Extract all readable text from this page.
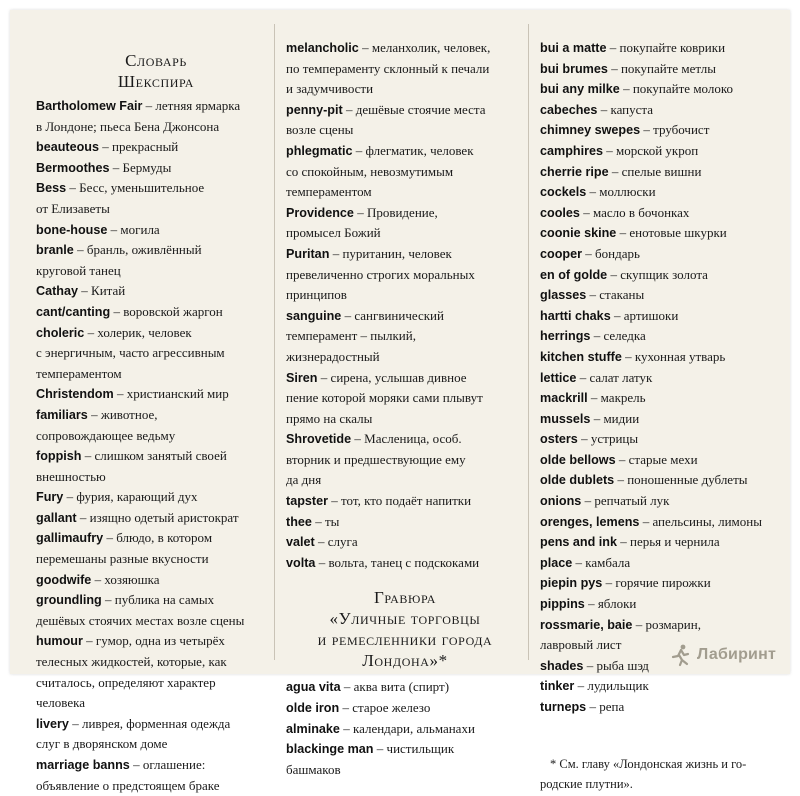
Словарь
Шекспира
Bartholomew Fair – летняя ярмарка
в Лондоне; пьеса Бена Джонсона
beauteous – прекрасный
Bermoothes – Бермуды
Bess – Бесс, уменьшительное
от Елизаветы
bone-house – могила
branle – бранль, оживлённый
круговой танец
Cathay – Китай
cant/canting – воровской жаргон
choleric – холерик, человек
с энергичным, часто агрессивным
темпераментом
Christendom – христианский мир
familiars – животное,
сопровождающее ведьму
foppish – слишком занятый своей
внешностью
Fury – фурия, карающий дух
gallant – изящно одетый аристократ
gallimaufry – блюдо, в котором
перемешаны разные вкусности
goodwife – хозяюшка
groundling – публика на самых
дешёвых стоячих местах возле сцены
humour – гумор, одна из четырёх
телесных жидкостей, которые, как
считалось, определяют характер
человека
livery – ливрея, форменная одежда
слуг в дворянском доме
marriage banns – оглашение:
объявление о предстоящем браке
melancholic – меланхолик, человек,
по темпераменту склонный к печали
и задумчивости
penny-pit – дешёвые стоячие места
возле сцены
phlegmatic – флегматик, человек
со спокойным, невозмутимым
темпераментом
Providence – Провидение,
промысел Божий
Puritan – пуританин, человек
превеличенно строгих моральных
принципов
sanguine – сангвинический
темперамент – пылкий,
жизнерадостный
Siren – сирена, услышав дивное
пение которой моряки сами плывут
прямо на скалы
Shrovetide – Масленица, особ.
вторник и предшествующие ему
да дня
tapster – тот, кто подаёт напитки
thee – ты
valet – слуга
volta – вольта, танец с подскоками
Гравюра
«Уличные торговцы
и ремесленники города
Лондона»*
agua vita – аква вита (спирт)
olde iron – старое железо
alminake – календари, альманахи
blackinge man – чистильщик
башмаков
bui a matte – покупайте коврики
bui brumes – покупайте метлы
bui any milke – покупайте молоко
cabeches – капуста
chimney swepes – трубочист
camphires – морской укроп
cherrie ripe – спелые вишни
cockels – моллюски
cooles – масло в бочонках
coonie skine – енотовые шкурки
cooper – бондарь
en of golde – скупщик золота
glasses – стаканы
hartti chaks – артишоки
herrings – селедка
kitchen stuffe – кухонная утварь
lettice – салат латук
mackrill – макрель
mussels – мидии
osters – устрицы
olde bellows – старые мехи
olde dublets – поношенные дублеты
onions – репчатый лук
orenges, lemens – апельсины, лимоны
pens and ink – перья и чернила
place – камбала
piepin pys – горячие пирожки
pippins – яблоки
rossmarie, baie – розмарин,
лавровый лист
shades – рыба шэд
tinker – лудильщик
turneps – репа
* См. главу «Лондонская жизнь и го-
родские плутни».
Лабиринт
